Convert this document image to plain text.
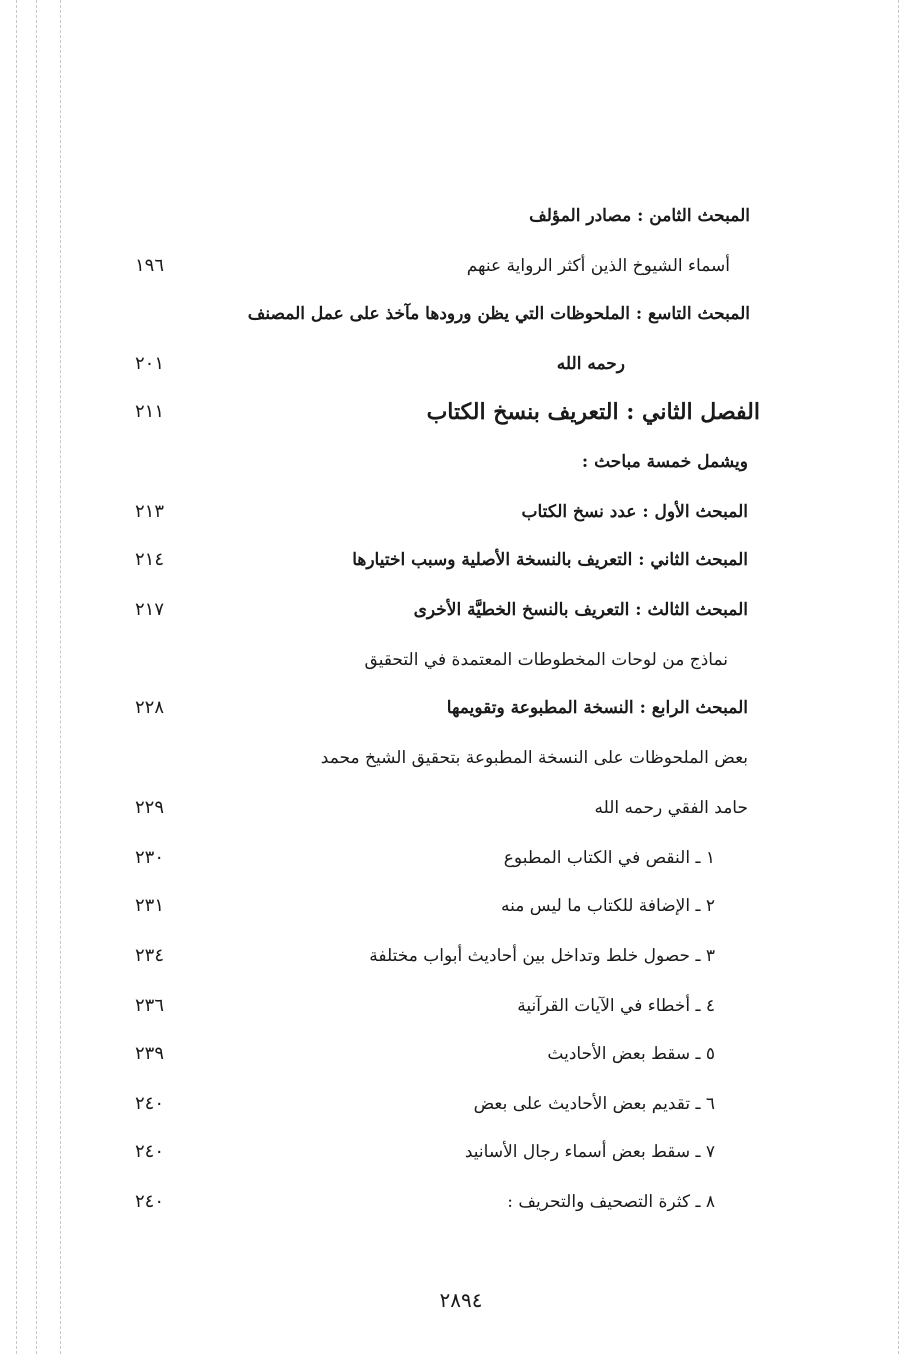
المبحث الثامن : مصادر المؤلف
أسماء الشيوخ الذين أكثر الرواية عنهم
١٩٦
المبحث التاسع : الملحوظات التي يظن ورودها مآخذ على عمل المصنف
رحمه الله
٢٠١
الفصل الثاني : التعريف بنسخ الكتاب
٢١١
ويشمل خمسة مباحث :
المبحث الأول : عدد نسخ الكتاب
٢١٣
المبحث الثاني : التعريف بالنسخة الأصلية وسبب اختيارها
٢١٤
المبحث الثالث : التعريف بالنسخ الخطيَّة الأخرى
٢١٧
نماذج من لوحات المخطوطات المعتمدة في التحقيق
المبحث الرابع : النسخة المطبوعة وتقويمها
٢٢٨
بعض الملحوظات على النسخة المطبوعة بتحقيق الشيخ محمد
حامد الفقي رحمه الله
٢٢٩
١ ـ النقص في الكتاب المطبوع
٢٣٠
٢ ـ الإضافة للكتاب ما ليس منه
٢٣١
٣ ـ حصول خلط وتداخل بين أحاديث أبواب مختلفة
٢٣٤
٤ ـ أخطاء في الآيات القرآنية
٢٣٦
٥ ـ سقط بعض الأحاديث
٢٣٩
٦ ـ تقديم بعض الأحاديث على بعض
٢٤٠
٧ ـ سقط بعض أسماء رجال الأسانيد
٢٤٠
٨ ـ كثرة التصحيف والتحريف :
٢٤٠
٢٨٩٤
